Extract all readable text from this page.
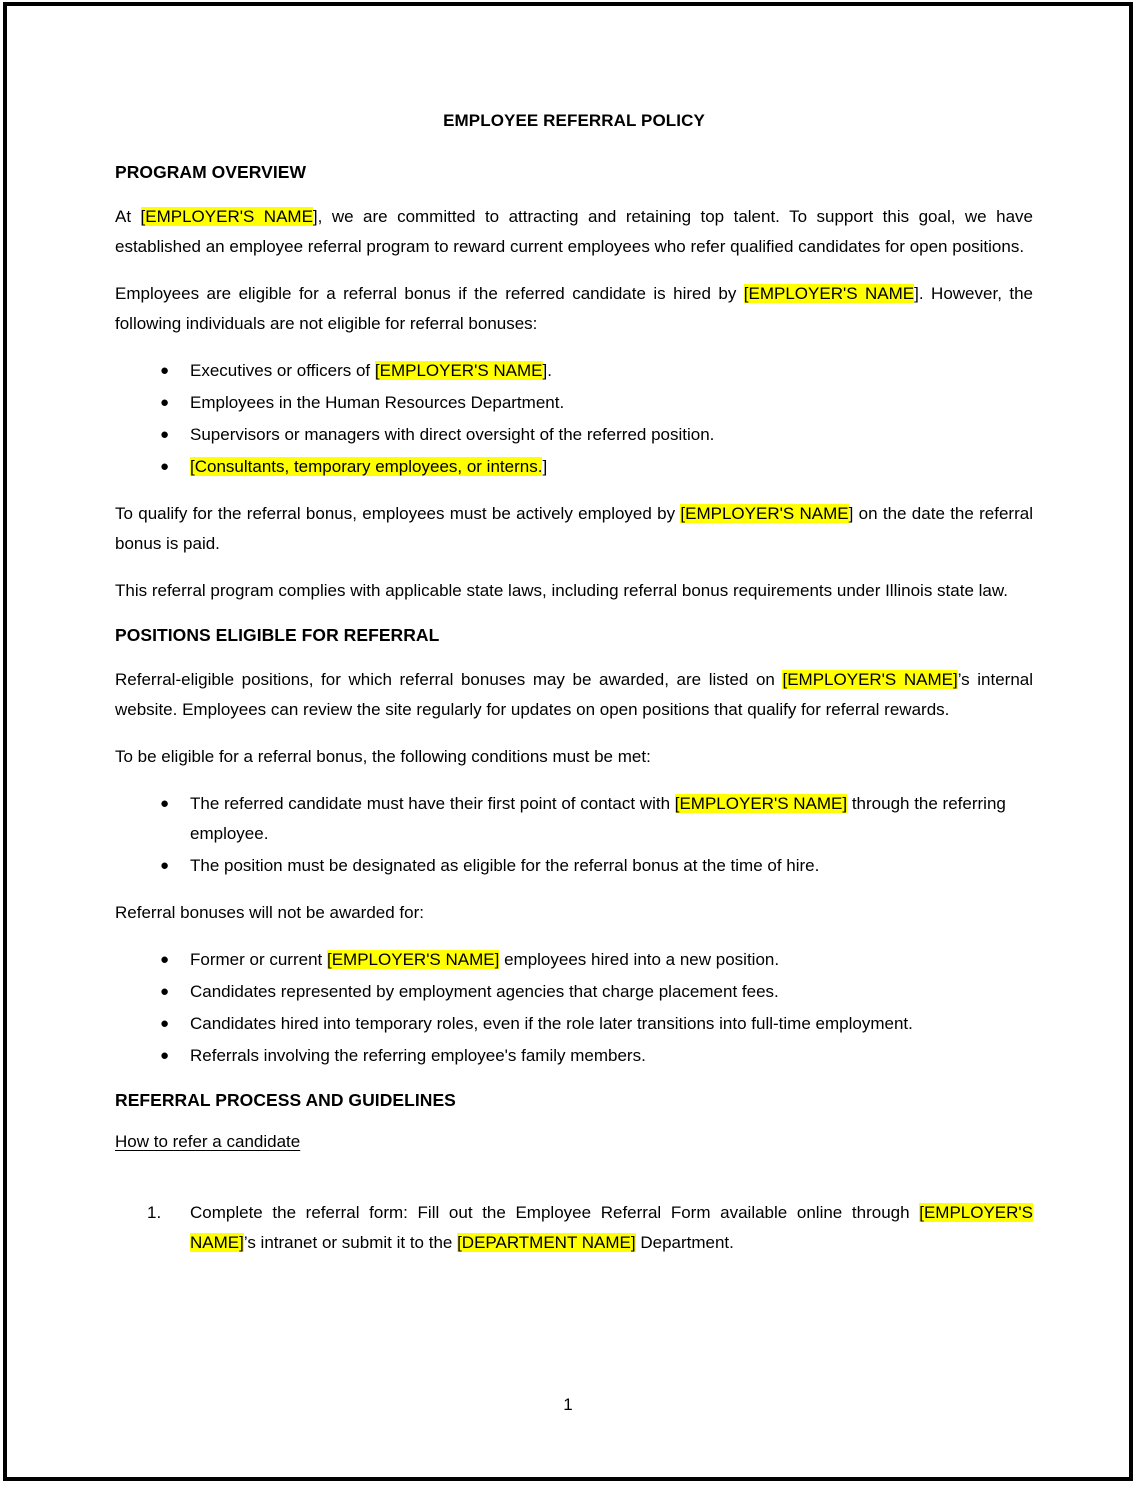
EMPLOYEE REFERRAL POLICY
PROGRAM OVERVIEW

At [EMPLOYER'S NAME], we are committed to attracting and retaining top talent. To support this goal, we have established an employee referral program to reward current employees who refer qualified candidates for open positions.

Employees are eligible for a referral bonus if the referred candidate is hired by [EMPLOYER'S NAME]. However, the following individuals are not eligible for referral bonuses:

●	Executives or officers of [EMPLOYER'S NAME].
●	Employees in the Human Resources Department.
●	Supervisors or managers with direct oversight of the referred position.
●	[Consultants, temporary employees, or interns.]

To qualify for the referral bonus, employees must be actively employed by [EMPLOYER'S NAME] on the date the referral bonus is paid.

This referral program complies with applicable state laws, including referral bonus requirements under Illinois state law.

POSITIONS ELIGIBLE FOR REFERRAL

Referral-eligible positions, for which referral bonuses may be awarded, are listed on [EMPLOYER'S NAME]’s internal website. Employees can review the site regularly for updates on open positions that qualify for referral rewards.

To be eligible for a referral bonus, the following conditions must be met:

●	The referred candidate must have their first point of contact with [EMPLOYER'S NAME] through the referring employee.
●	The position must be designated as eligible for the referral bonus at the time of hire.

Referral bonuses will not be awarded for:

●	Former or current [EMPLOYER'S NAME] employees hired into a new position.
●	Candidates represented by employment agencies that charge placement fees.
●	Candidates hired into temporary roles, even if the role later transitions into full-time employment.
●	Referrals involving the referring employee's family members.
REFERRAL PROCESS AND GUIDELINES
How to refer a candidate
1.	Complete the referral form: Fill out the Employee Referral Form available online through [EMPLOYER'S NAME]’s intranet or submit it to the [DEPARTMENT NAME] Department.
1
